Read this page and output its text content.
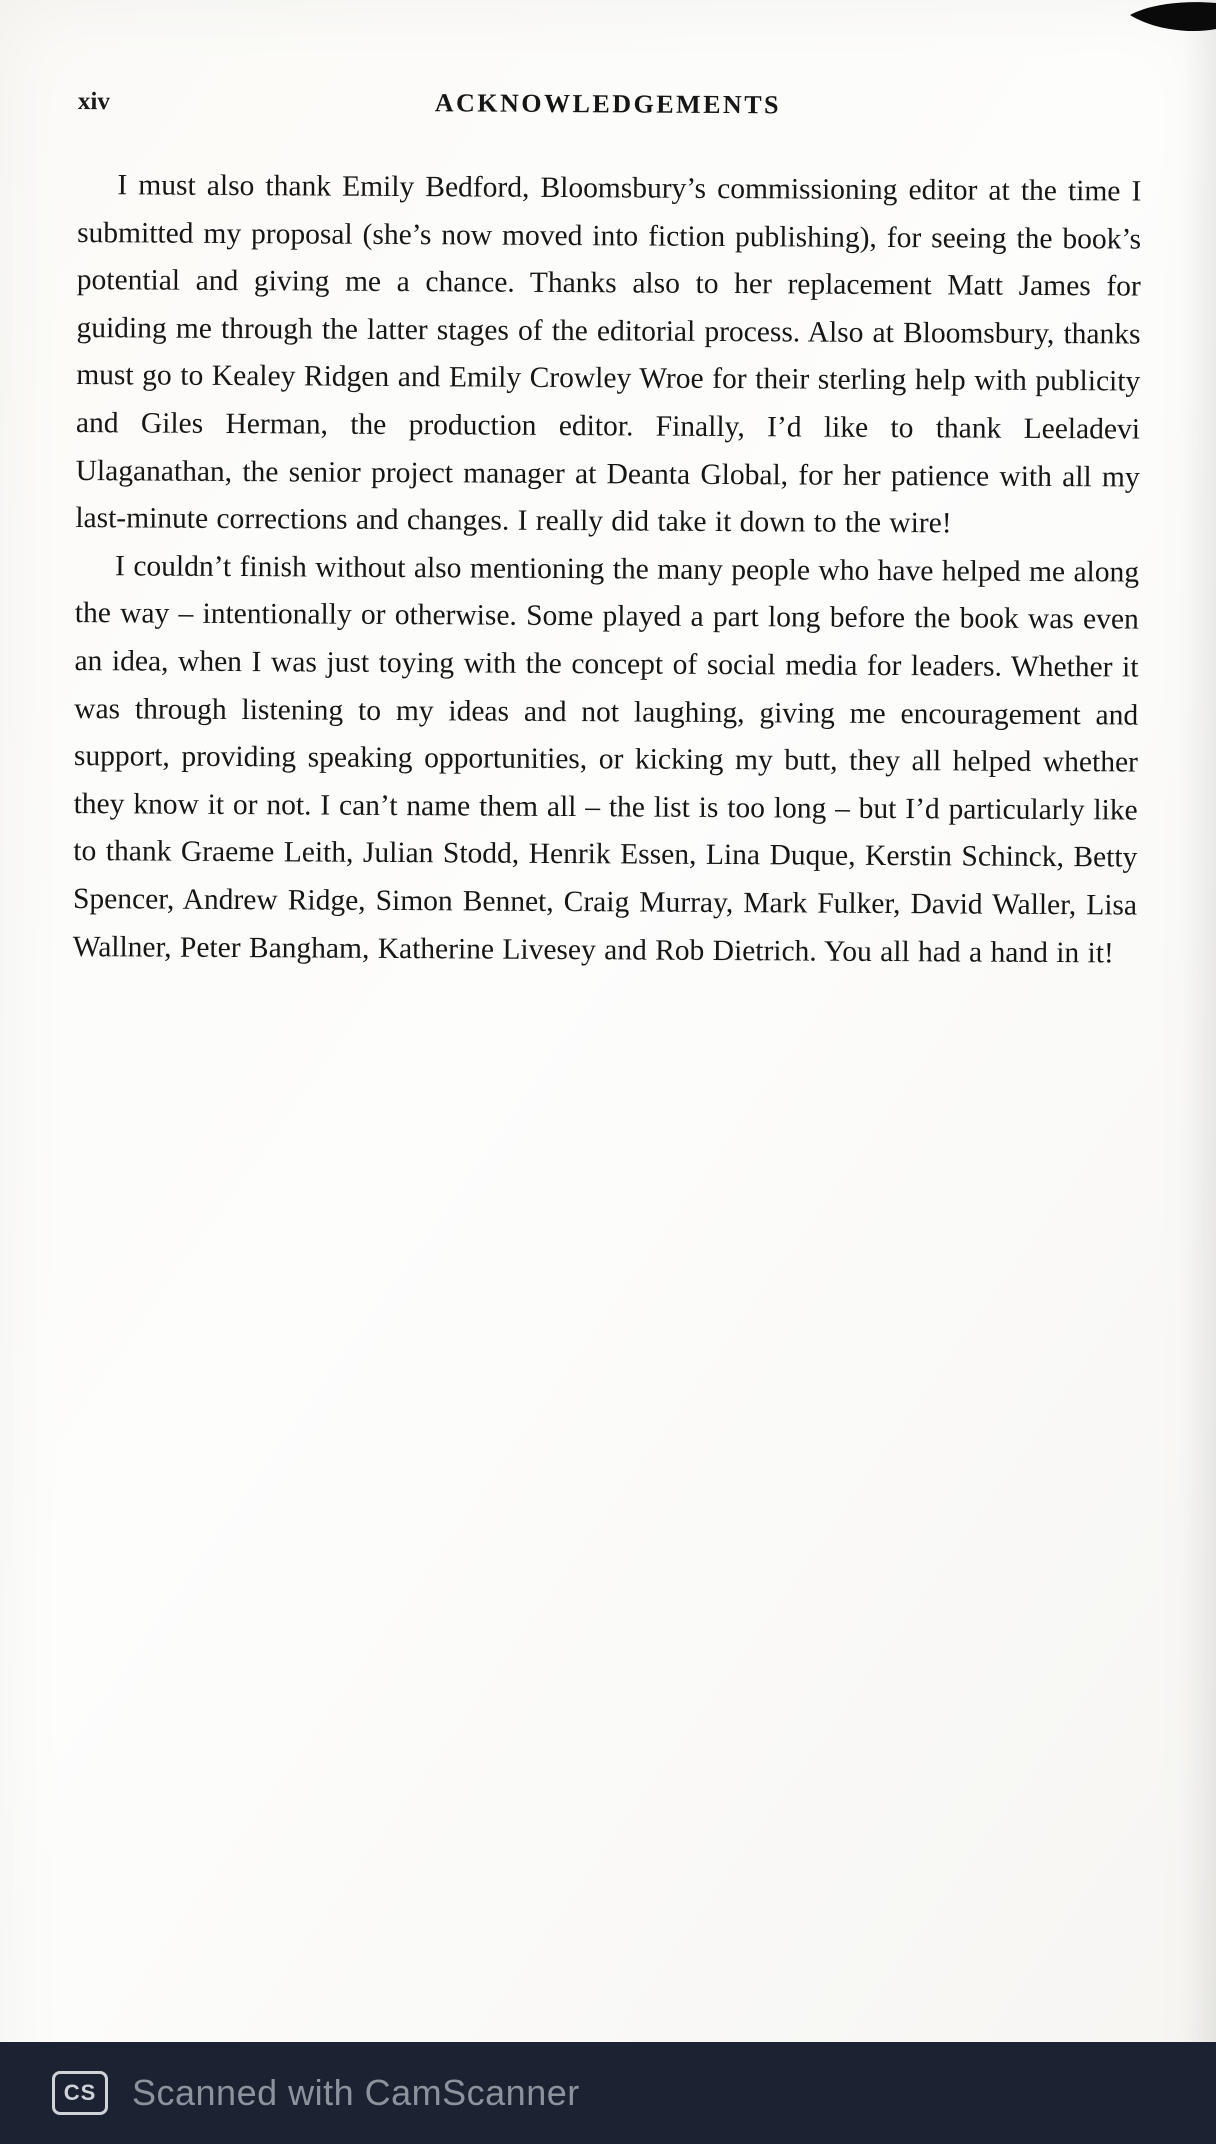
xiv	ACKNOWLEDGEMENTS

I must also thank Emily Bedford, Bloomsbury’s commissioning editor at the time I submitted my proposal (she’s now moved into fiction publishing), for seeing the book’s potential and giving me a chance. Thanks also to her replacement Matt James for guiding me through the latter stages of the editorial process. Also at Bloomsbury, thanks must go to Kealey Ridgen and Emily Crowley Wroe for their sterling help with publicity and Giles Herman, the production editor. Finally, I’d like to thank Leeladevi Ulaganathan, the senior project manager at Deanta Global, for her patience with all my last-minute corrections and changes. I really did take it down to the wire!

I couldn’t finish without also mentioning the many people who have helped me along the way – intentionally or otherwise. Some played a part long before the book was even an idea, when I was just toying with the concept of social media for leaders. Whether it was through listening to my ideas and not laughing, giving me encouragement and support, providing speaking opportunities, or kicking my butt, they all helped whether they know it or not. I can’t name them all – the list is too long – but I’d particularly like to thank Graeme Leith, Julian Stodd, Henrik Essen, Lina Duque, Kerstin Schinck, Betty Spencer, Andrew Ridge, Simon Bennet, Craig Murray, Mark Fulker, David Waller, Lisa Wallner, Peter Bangham, Katherine Livesey and Rob Dietrich. You all had a hand in it!

CS Scanned with CamScanner
